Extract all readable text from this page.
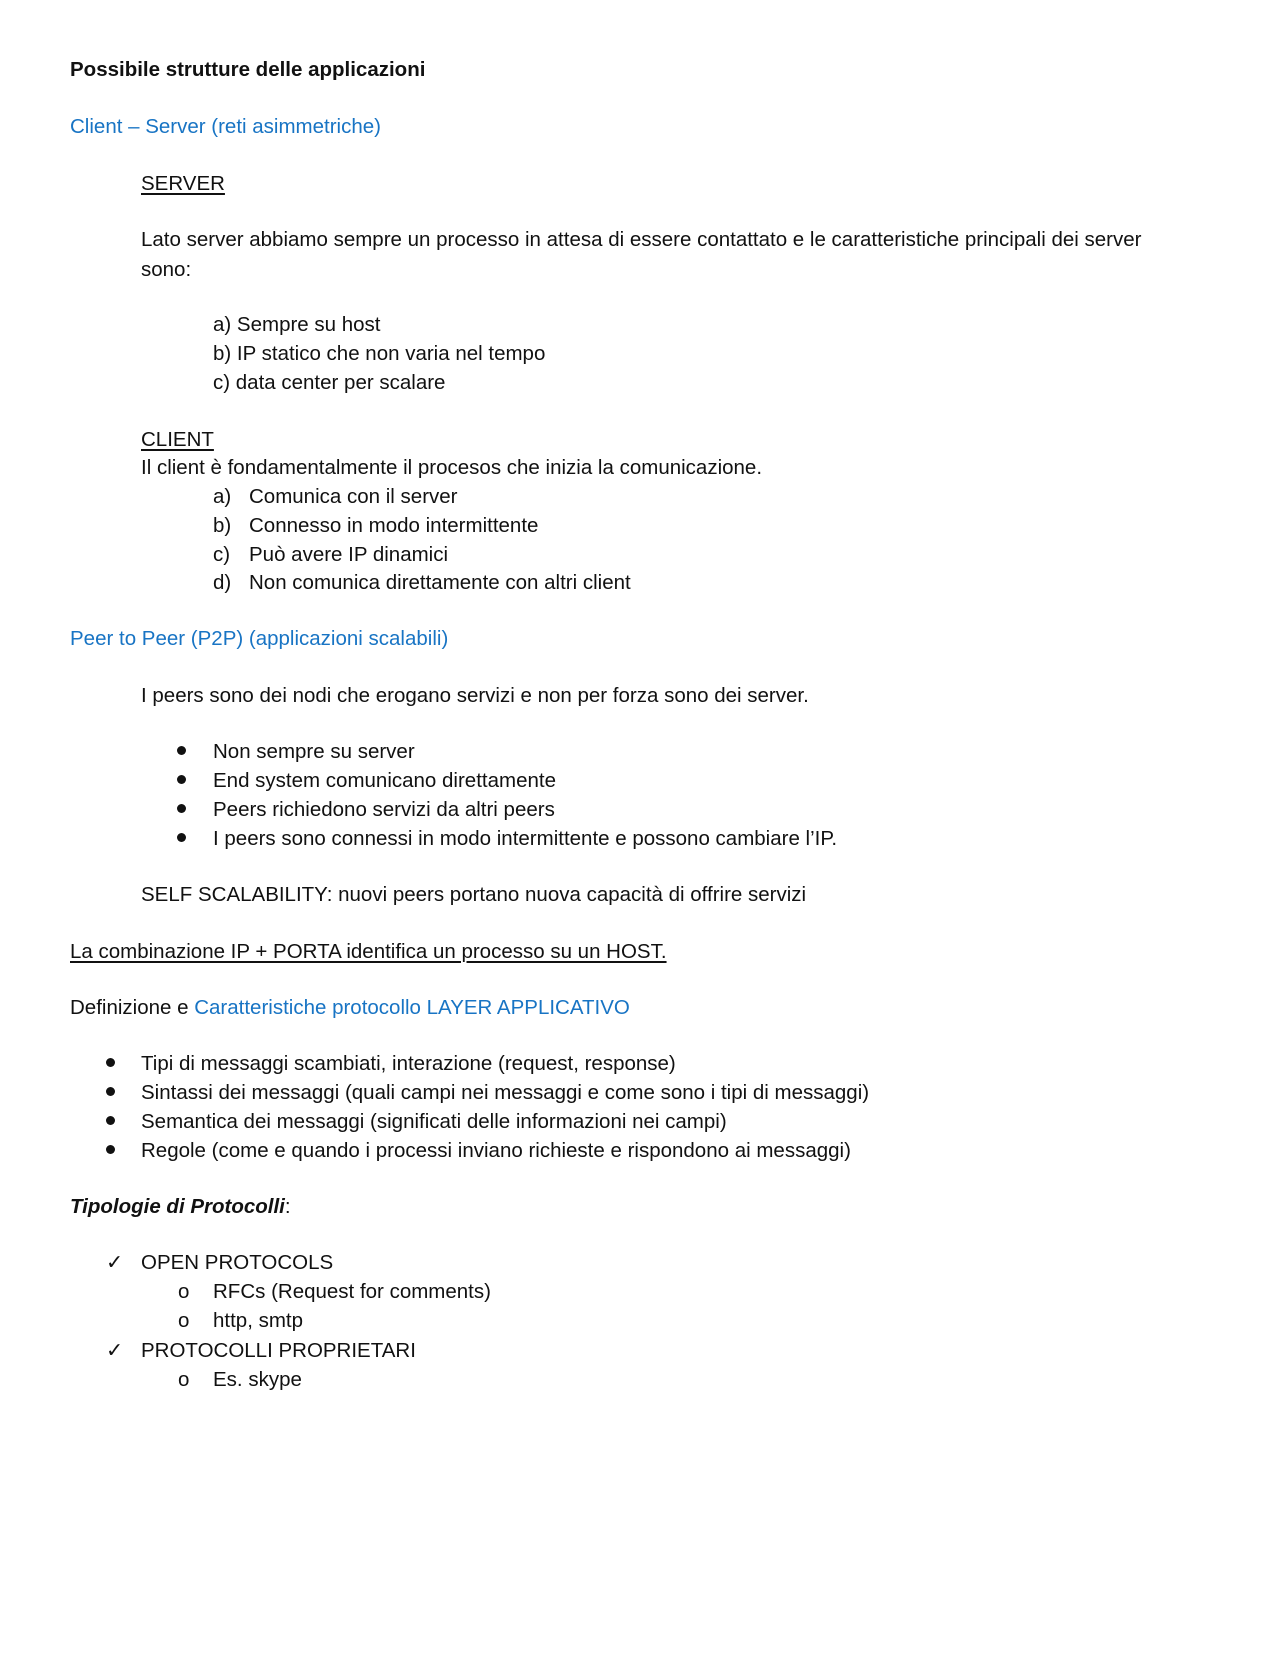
Possibile strutture delle applicazioni
Client – Server (reti asimmetriche)
SERVER
Lato server abbiamo sempre un processo in attesa di essere contattato e le caratteristiche principali dei server sono:
a) Sempre su host
b) IP statico che non varia nel tempo
c) data center per scalare
CLIENT
Il client è fondamentalmente il procesos che inizia la comunicazione.
a) Comunica con il server
b) Connesso in modo intermittente
c) Può avere IP dinamici
d) Non comunica direttamente con altri client
Peer to Peer (P2P) (applicazioni scalabili)
I peers sono dei nodi che erogano servizi e non per forza sono dei server.
Non sempre su server
End system comunicano direttamente
Peers richiedono servizi da altri peers
I peers sono connessi in modo intermittente e possono cambiare l’IP.
SELF SCALABILITY: nuovi peers portano nuova capacità di offrire servizi
La combinazione IP + PORTA identifica un processo su un HOST.
Definizione e Caratteristiche protocollo LAYER APPLICATIVO
Tipi di messaggi scambiati, interazione (request, response)
Sintassi dei messaggi (quali campi nei messaggi e come sono i tipi di messaggi)
Semantica dei messaggi (significati delle informazioni nei campi)
Regole (come e quando i processi inviano richieste e rispondono ai messaggi)
Tipologie di Protocolli:
✓ OPEN PROTOCOLS
o RFCs (Request for comments)
o http, smtp
✓ PROTOCOLLI PROPRIETARI
o Es. skype
